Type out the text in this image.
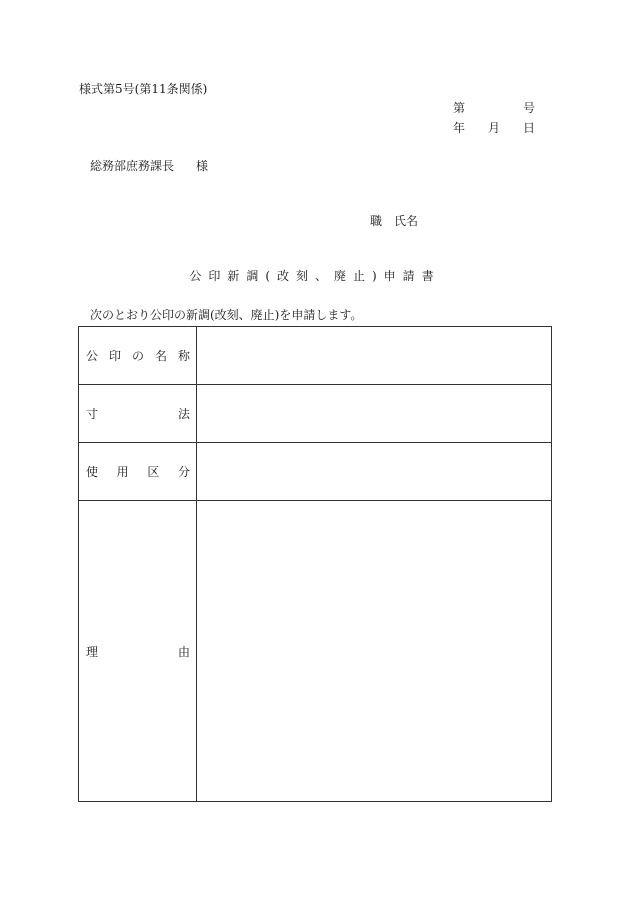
様式第5号(第11条関係)
第	号
年 月 日
総務部庶務課長 様
職　氏名
公印新調(改刻、廃止)申請書
次のとおり公印の新調(改刻、廃止)を申請します。
公 印 の 名 称	

寸 法	

使 用 区 分	

理 由	
